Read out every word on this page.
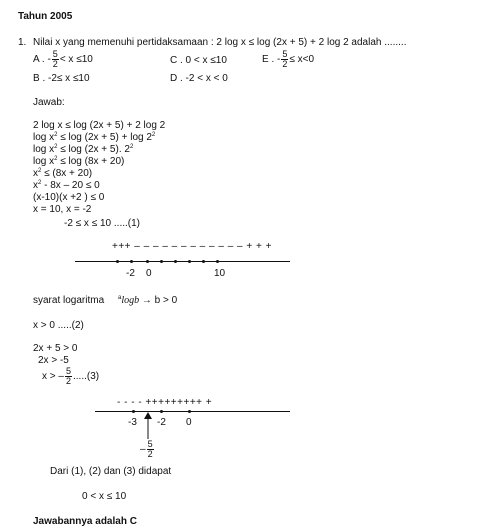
Tahun 2005
1. Nilai x yang memenuhi pertidaksamaan : 2 log x ≤ log (2x + 5) + 2 log 2 adalah ........
A . - $\frac{5}{2} < x \le 10$	C . 0 < x ≤10	E . - $\frac{5}{2} \le x<0$
B . -2≤ x ≤10	D . -2 < x < 0
Jawab:
2 log x ≤ log (2x + 5) + 2 log 2
$\log x^2 \le \log (2x + 5) + \log 2^2$
$\log x^2 \le \log (2x + 5)$. $2^2$
$\log x^2 \le \log (8x + 20)$
$x^2 \le (8x + 20)$
$x^2 - 8x - 20 \le 0$
(x-10)(x +2 ) ≤ 0
x = 10, x = -2
-2 ≤ x ≤ 10 .....(1)
+++ – – – – – – – – – – – – + + +
-2 0	10
syarat logaritma $^a$logb → b > 0
x > 0 .....(2)
2x + 5 > 0
2x > -5
x > – $\frac{5}{2} .....(3)$
- - - - +++++++++ +
-3 -2 0
– $\frac{5}{2}$
Dari (1), (2) dan (3) didapat
0 < x ≤ 10
Jawabannya adalah C
